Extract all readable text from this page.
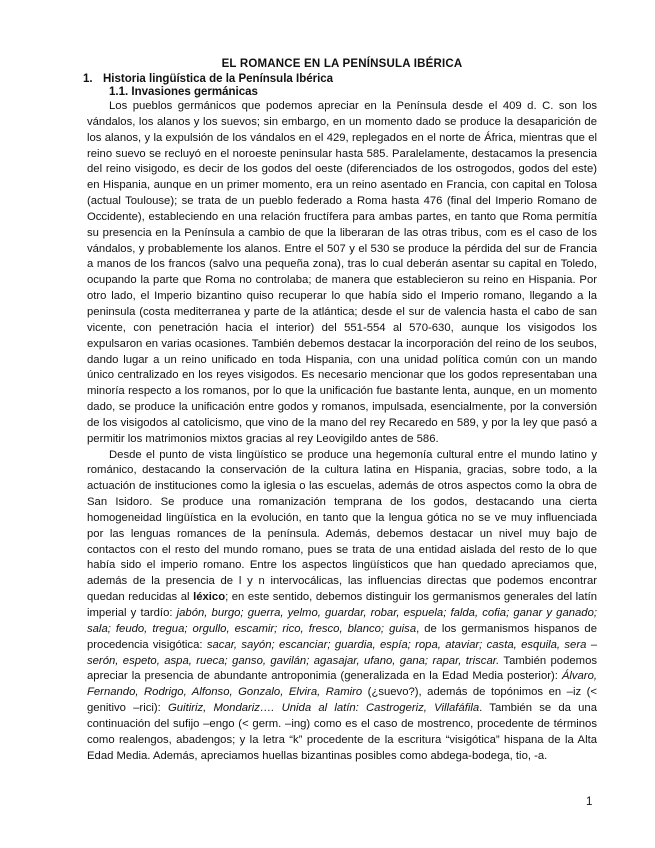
EL ROMANCE EN LA PENÍNSULA IBÉRICA
1. Historia lingüística de la Península Ibérica
1.1. Invasiones germánicas

Los pueblos germánicos que podemos apreciar en la Península desde el 409 d. C. son los vándalos, los alanos y los suevos; sin embargo, en un momento dado se produce la desaparición de los alanos, y la expulsión de los vándalos en el 429, replegados en el norte de África, mientras que el reino suevo se recluyó en el noroeste peninsular hasta 585. Paralelamente, destacamos la presencia del reino visigodo, es decir de los godos del oeste (diferenciados de los ostrogodos, godos del este) en Hispania, aunque en un primer momento, era un reino asentado en Francia, con capital en Tolosa (actual Toulouse); se trata de un pueblo federado a Roma hasta 476 (final del Imperio Romano de Occidente), estableciendo en una relación fructífera para ambas partes, en tanto que Roma permitía su presencia en la Península a cambio de que la liberaran de las otras tribus, com es el caso de los vándalos, y probablemente los alanos. Entre el 507 y el 530 se produce la pérdida del sur de Francia a manos de los francos (salvo una pequeña zona), tras lo cual deberán asentar su capital en Toledo, ocupando la parte que Roma no controlaba; de manera que establecieron su reino en Hispania. Por otro lado, el Imperio bizantino quiso recuperar lo que había sido el Imperio romano, llegando a la peninsula (costa mediterranea y parte de la atlántica; desde el sur de valencia hasta el cabo de san vicente, con penetración hacia el interior) del 551-554 al 570-630, aunque los visigodos los expulsaron en varias ocasiones. También debemos destacar la incorporación del reino de los seubos, dando lugar a un reino unificado en toda Hispania, con una unidad política común con un mando único centralizado en los reyes visigodos. Es necesario mencionar que los godos representaban una minoría respecto a los romanos, por lo que la unificación fue bastante lenta, aunque, en un momento dado, se produce la unificación entre godos y romanos, impulsada, esencialmente, por la conversión de los visigodos al catolicismo, que vino de la mano del rey Recaredo en 589, y por la ley que pasó a permitir los matrimonios mixtos gracias al rey Leovigildo antes de 586.

Desde el punto de vista lingüístico se produce una hegemonía cultural entre el mundo latino y románico, destacando la conservación de la cultura latina en Hispania, gracias, sobre todo, a la actuación de instituciones como la iglesia o las escuelas, además de otros aspectos como la obra de San Isidoro. Se produce una romanización temprana de los godos, destacando una cierta homogeneidad lingüística en la evolución, en tanto que la lengua gótica no se ve muy influenciada por las lenguas romances de la península. Además, debemos destacar un nivel muy bajo de contactos con el resto del mundo romano, pues se trata de una entidad aislada del resto de lo que había sido el imperio romano. Entre los aspectos lingüísticos que han quedado apreciamos que, además de la presencia de l y n intervocálicas, las influencias directas que podemos encontrar quedan reducidas al léxico; en este sentido, debemos distinguir los germanismos generales del latín imperial y tardío: jabón, burgo; guerra, yelmo, guardar, robar, espuela; falda, cofia; ganar y ganado; sala; feudo, tregua; orgullo, escamir; rico, fresco, blanco; guisa, de los germanismos hispanos de procedencia visigótica: sacar, sayón; escanciar; guardia, espía; ropa, ataviar; casta, esquila, sera – serón, espeto, aspa, rueca; ganso, gavilán; agasajar, ufano, gana; rapar, triscar. También podemos apreciar la presencia de abundante antroponimia (generalizada en la Edad Media posterior): Álvaro, Fernando, Rodrigo, Alfonso, Gonzalo, Elvira, Ramiro (¿suevo?), además de topónimos en –iz (< genitivo –rici): Guitiriz, Mondariz…. Unida al latín: Castrogeriz, Villafáfila. También se da una continuación del sufijo –engo (< germ. –ing) como es el caso de mostrenco, procedente de términos como realengos, abadengos; y la letra “k” procedente de la escritura “visigótica” hispana de la Alta Edad Media. Además, apreciamos huellas bizantinas posibles como abdega-bodega, tio, -a.

1
